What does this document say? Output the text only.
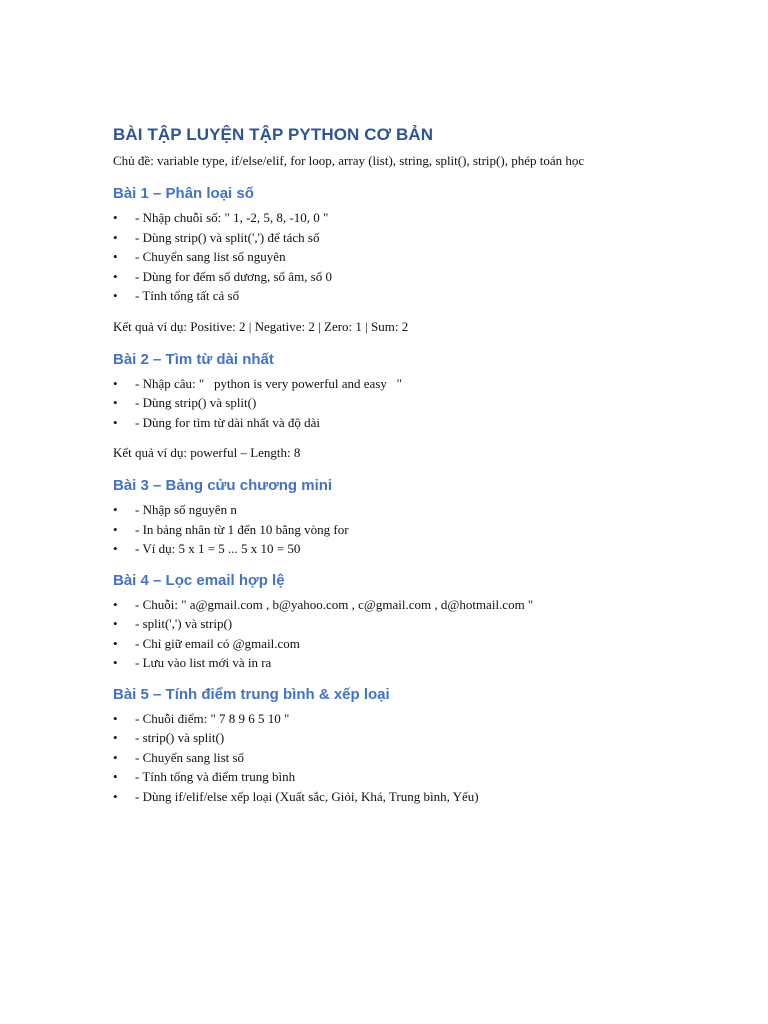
BÀI TẬP LUYỆN TẬP PYTHON CƠ BẢN

Chủ đề: variable type, if/else/elif, for loop, array (list), string, split(), strip(), phép toán học

Bài 1 – Phân loại số
• - Nhập chuỗi số: " 1, -2, 5, 8, -10, 0 "
• - Dùng strip() và split(',') để tách số
• - Chuyển sang list số nguyên
• - Dùng for đếm số dương, số âm, số 0
• - Tính tổng tất cả số

Kết quả ví dụ: Positive: 2 | Negative: 2 | Zero: 1 | Sum: 2

Bài 2 – Tìm từ dài nhất
• - Nhập câu: "   python is very powerful and easy   "
• - Dùng strip() và split()
• - Dùng for tìm từ dài nhất và độ dài

Kết quả ví dụ: powerful – Length: 8

Bài 3 – Bảng cửu chương mini
• - Nhập số nguyên n
• - In bảng nhân từ 1 đến 10 bằng vòng for
• - Ví dụ: 5 x 1 = 5 ... 5 x 10 = 50
Bài 4 – Lọc email hợp lệ
• - Chuỗi: " a@gmail.com , b@yahoo.com , c@gmail.com , d@hotmail.com "
• - split(',') và strip()
• - Chỉ giữ email có @gmail.com
• - Lưu vào list mới và in ra
Bài 5 – Tính điểm trung bình & xếp loại
• - Chuỗi điểm: " 7 8 9 6 5 10 "
• - strip() và split()
• - Chuyển sang list số
• - Tính tổng và điểm trung bình
• - Dùng if/elif/else xếp loại (Xuất sắc, Giỏi, Khá, Trung bình, Yếu)
